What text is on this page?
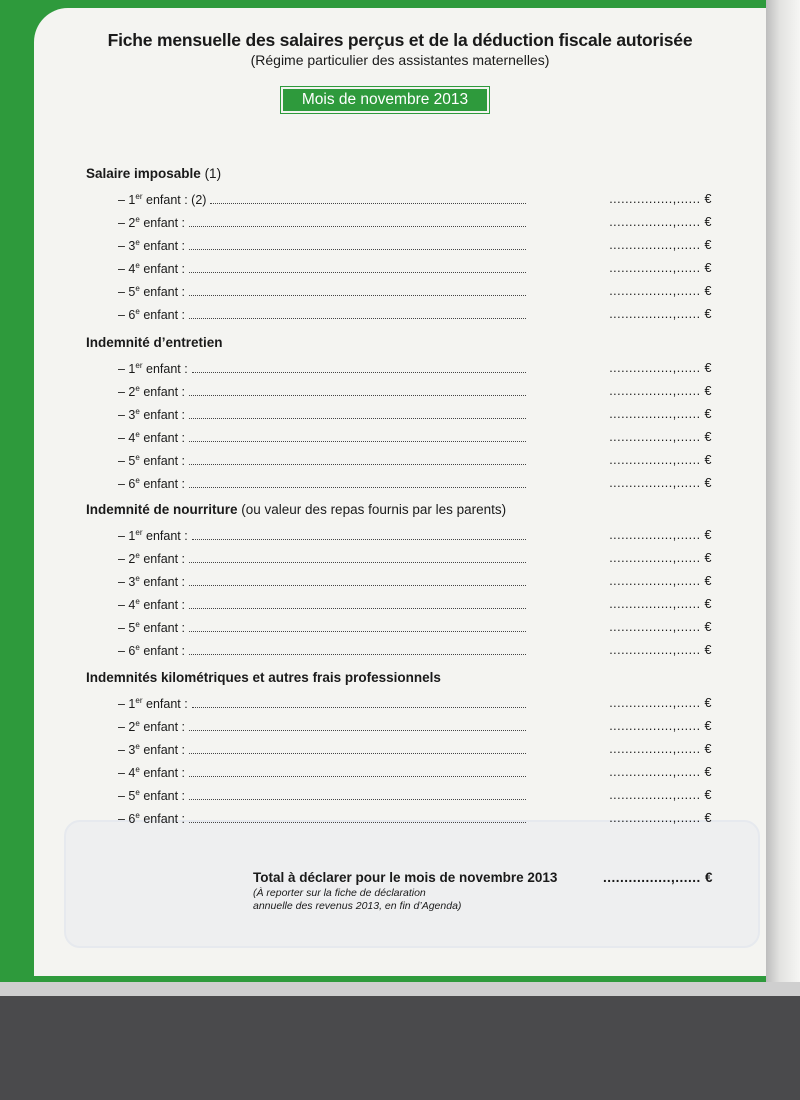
Fiche mensuelle des salaires perçus et de la déduction fiscale autorisée
(Régime particulier des assistantes maternelles)
Mois de novembre 2013
Salaire imposable (1)
– 1er enfant : (2)	................,...... €
– 2e enfant :	................,...... €
– 3e enfant :	................,...... €
– 4e enfant :	................,...... €
– 5e enfant :	................,...... €
– 6e enfant :	................,...... €
Indemnité d’entretien
– 1er enfant :	................,...... €
– 2e enfant :	................,...... €
– 3e enfant :	................,...... €
– 4e enfant :	................,...... €
– 5e enfant :	................,...... €
– 6e enfant :	................,...... €
Indemnité de nourriture (ou valeur des repas fournis par les parents)
– 1er enfant :	................,...... €
– 2e enfant :	................,...... €
– 3e enfant :	................,...... €
– 4e enfant :	................,...... €
– 5e enfant :	................,...... €
– 6e enfant :	................,...... €
Indemnités kilométriques et autres frais professionnels
– 1er enfant :	................,...... €
– 2e enfant :	................,...... €
– 3e enfant :	................,...... €
– 4e enfant :	................,...... €
– 5e enfant :	................,...... €
– 6e enfant :	................,...... €
Total à déclarer pour le mois de novembre 2013	................,...... €
(À reporter sur la fiche de déclaration
annuelle des revenus 2013, en fin d’Agenda)
